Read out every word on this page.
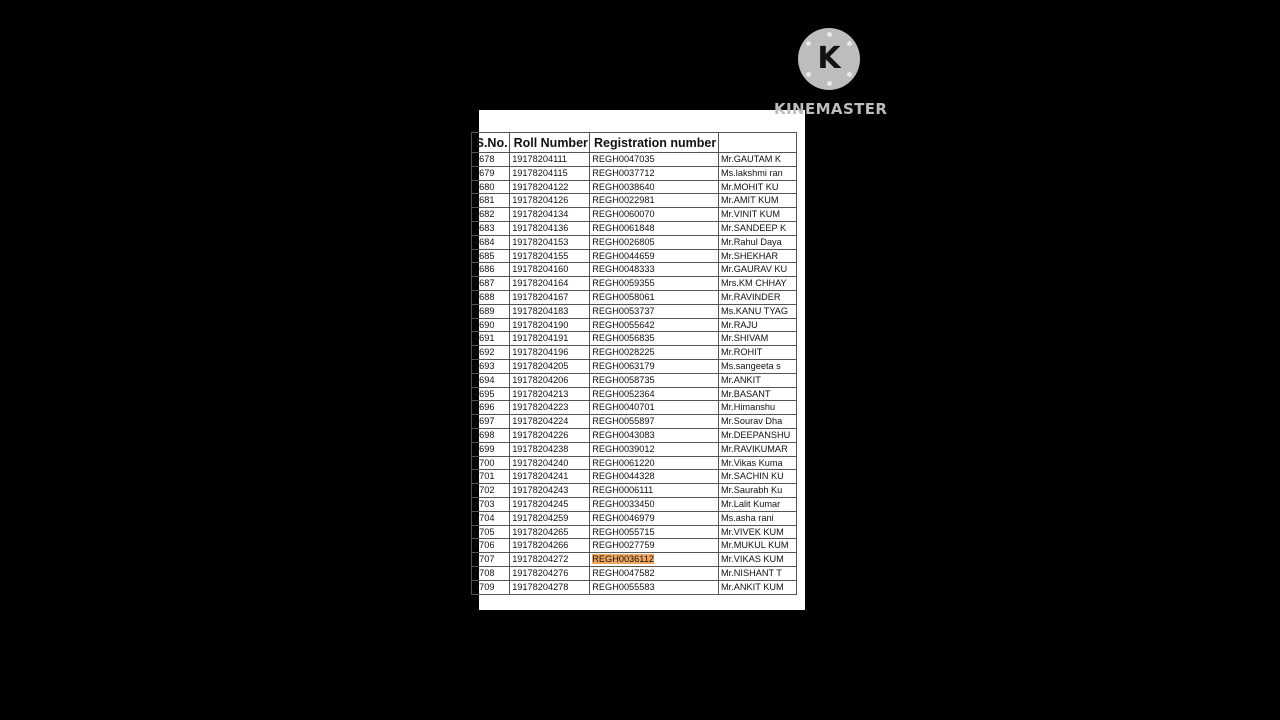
S.No.	Roll Number	Registration number	
6678	19178204111	REGH0047035	Mr.GAUTAM K
6679	19178204115	REGH0037712	Ms.lakshmi ran
6680	19178204122	REGH0038640	Mr.MOHIT KU
6681	19178204126	REGH0022981	Mr.AMIT KUM
6682	19178204134	REGH0060070	Mr.VINIT KUM
6683	19178204136	REGH0061848	Mr.SANDEEP K
6684	19178204153	REGH0026805	Mr.Rahul Daya
6685	19178204155	REGH0044659	Mr.SHEKHAR
6686	19178204160	REGH0048333	Mr.GAURAV KU
6687	19178204164	REGH0059355	Mrs.KM CHHAY
6688	19178204167	REGH0058061	Mr.RAVINDER
6689	19178204183	REGH0053737	Ms.KANU TYAG
6690	19178204190	REGH0055642	Mr.RAJU
6691	19178204191	REGH0056835	Mr.SHIVAM
6692	19178204196	REGH0028225	Mr.ROHIT
6693	19178204205	REGH0063179	Ms.sangeeta s
6694	19178204206	REGH0058735	Mr.ANKIT
6695	19178204213	REGH0052364	Mr.BASANT
6696	19178204223	REGH0040701	Mr.Himanshu
6697	19178204224	REGH0055897	Mr.Sourav Dha
6698	19178204226	REGH0043083	Mr.DEEPANSHU
6699	19178204238	REGH0039012	Mr.RAVIKUMAR
6700	19178204240	REGH0061220	Mr.Vikas Kuma
6701	19178204241	REGH0044328	Mr.SACHIN KU
6702	19178204243	REGH0006111	Mr.Saurabh Ku
6703	19178204245	REGH0033450	Mr.Lalit Kumar
6704	19178204259	REGH0046979	Ms.asha rani
6705	19178204265	REGH0055715	Mr.VIVEK KUM
6706	19178204266	REGH0027759	Mr.MUKUL KUM
6707	19178204272	REGH0036112	Mr.VIKAS KUM
6708	19178204276	REGH0047582	Mr.NISHANT T
6709	19178204278	REGH0055583	Mr.ANKIT KUM
K
KINEMASTER
